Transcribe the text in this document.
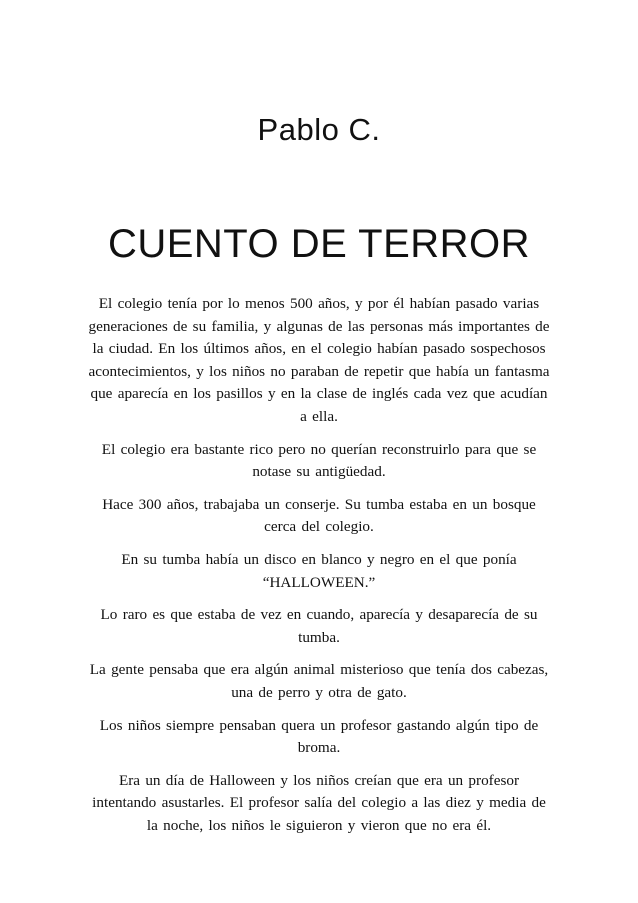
Pablo C.
CUENTO DE TERROR

El colegio tenía por lo menos 500 años, y por él habían pasado varias generaciones de su familia, y algunas de las personas más importantes de la ciudad. En los últimos años, en el colegio habían pasado sospechosos acontecimientos, y los niños no paraban de repetir que había un fantasma que aparecía en los pasillos y en la clase de inglés cada vez que acudían a ella.

El colegio era bastante rico pero no querían reconstruirlo para que se notase su antigüedad.

Hace 300 años, trabajaba un conserje. Su tumba estaba en un bosque cerca del colegio.

En su tumba había un disco en blanco y negro en el que ponía “HALLOWEEN.”

Lo raro es que estaba de vez en cuando, aparecía y desaparecía de su tumba.

La gente pensaba que era algún animal misterioso que tenía dos cabezas, una de perro y otra de gato.

Los niños siempre pensaban quera un profesor gastando algún tipo de broma.

Era un día de Halloween y los niños creían que era un profesor intentando asustarles. El profesor salía del colegio a las diez y media de la noche, los niños le siguieron y vieron que no era él.
